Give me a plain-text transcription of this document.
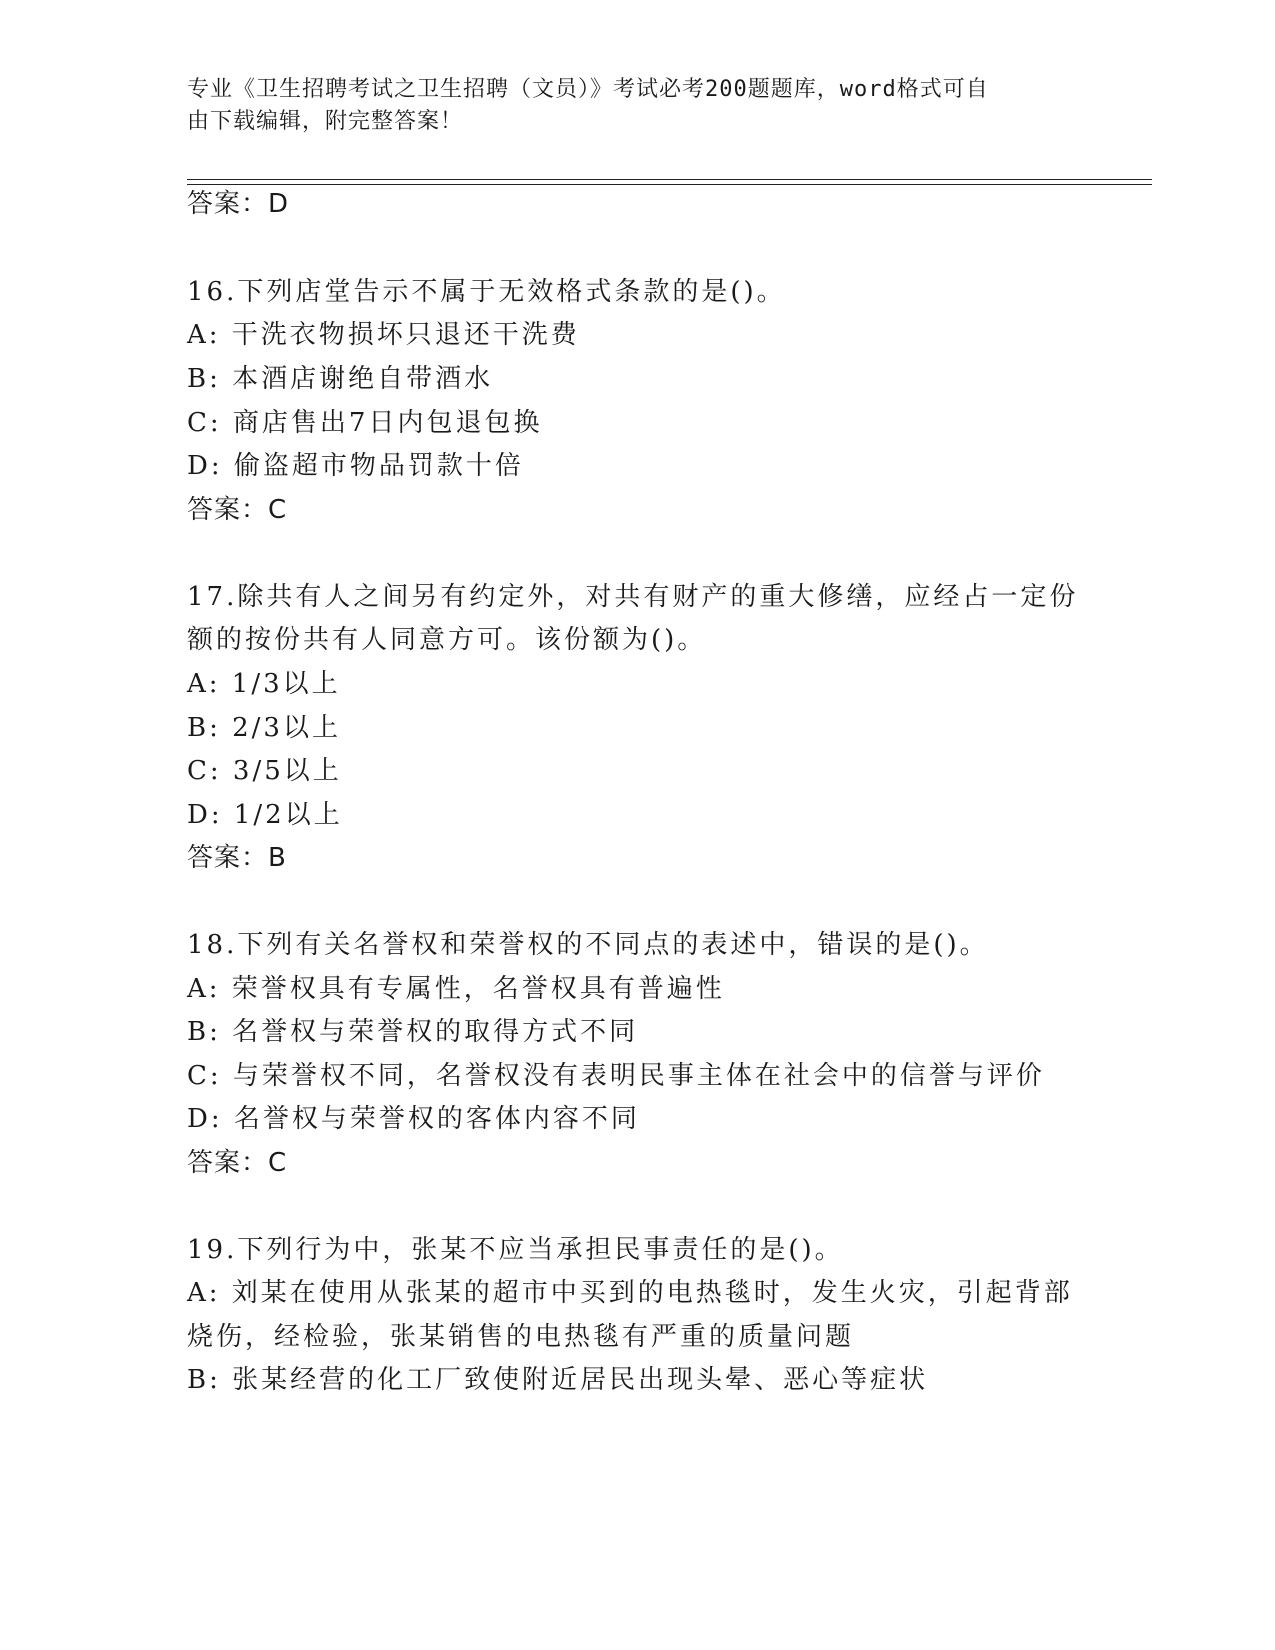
专业《卫生招聘考试之卫生招聘（文员）》考试必考200题题库，word格式可自
由下载编辑，附完整答案！
答案：D
16.下列店堂告示不属于无效格式条款的是()。
A: 干洗衣物损坏只退还干洗费
B: 本酒店谢绝自带酒水
C: 商店售出7日内包退包换
D: 偷盗超市物品罚款十倍
答案：C
17.除共有人之间另有约定外，对共有财产的重大修缮，应经占一定份
额的按份共有人同意方可。该份额为()。
A: 1/3以上
B: 2/3以上
C: 3/5以上
D: 1/2以上
答案：B
18.下列有关名誉权和荣誉权的不同点的表述中，错误的是()。
A: 荣誉权具有专属性，名誉权具有普遍性
B: 名誉权与荣誉权的取得方式不同
C: 与荣誉权不同，名誉权没有表明民事主体在社会中的信誉与评价
D: 名誉权与荣誉权的客体内容不同
答案：C
19.下列行为中，张某不应当承担民事责任的是()。
A: 刘某在使用从张某的超市中买到的电热毯时，发生火灾，引起背部
烧伤，经检验，张某销售的电热毯有严重的质量问题
B: 张某经营的化工厂致使附近居民出现头晕、恶心等症状
